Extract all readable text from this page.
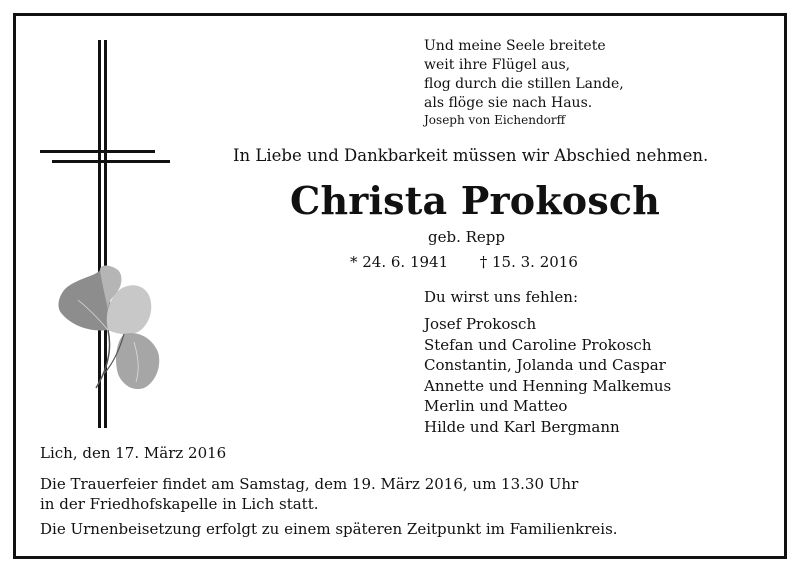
Und meine Seele breitete
weit ihre Flügel aus,
flog durch die stillen Lande,
als flöge sie nach Haus.
Joseph von Eichendorff
In Liebe und Dankbarkeit müssen wir Abschied nehmen.
Christa Prokosch
geb. Repp
* 24. 6. 1941 † 15. 3. 2016
Du wirst uns fehlen:
Josef Prokosch
Stefan und Caroline Prokosch
Constantin, Jolanda und Caspar
Annette und Henning Malkemus
Merlin und Matteo
Hilde und Karl Bergmann
Lich, den 17. März 2016
Die Trauerfeier findet am Samstag, dem 19. März 2016, um 13.30 Uhr
in der Friedhofskapelle in Lich statt.
Die Urnenbeisetzung erfolgt zu einem späteren Zeitpunkt im Familienkreis.
